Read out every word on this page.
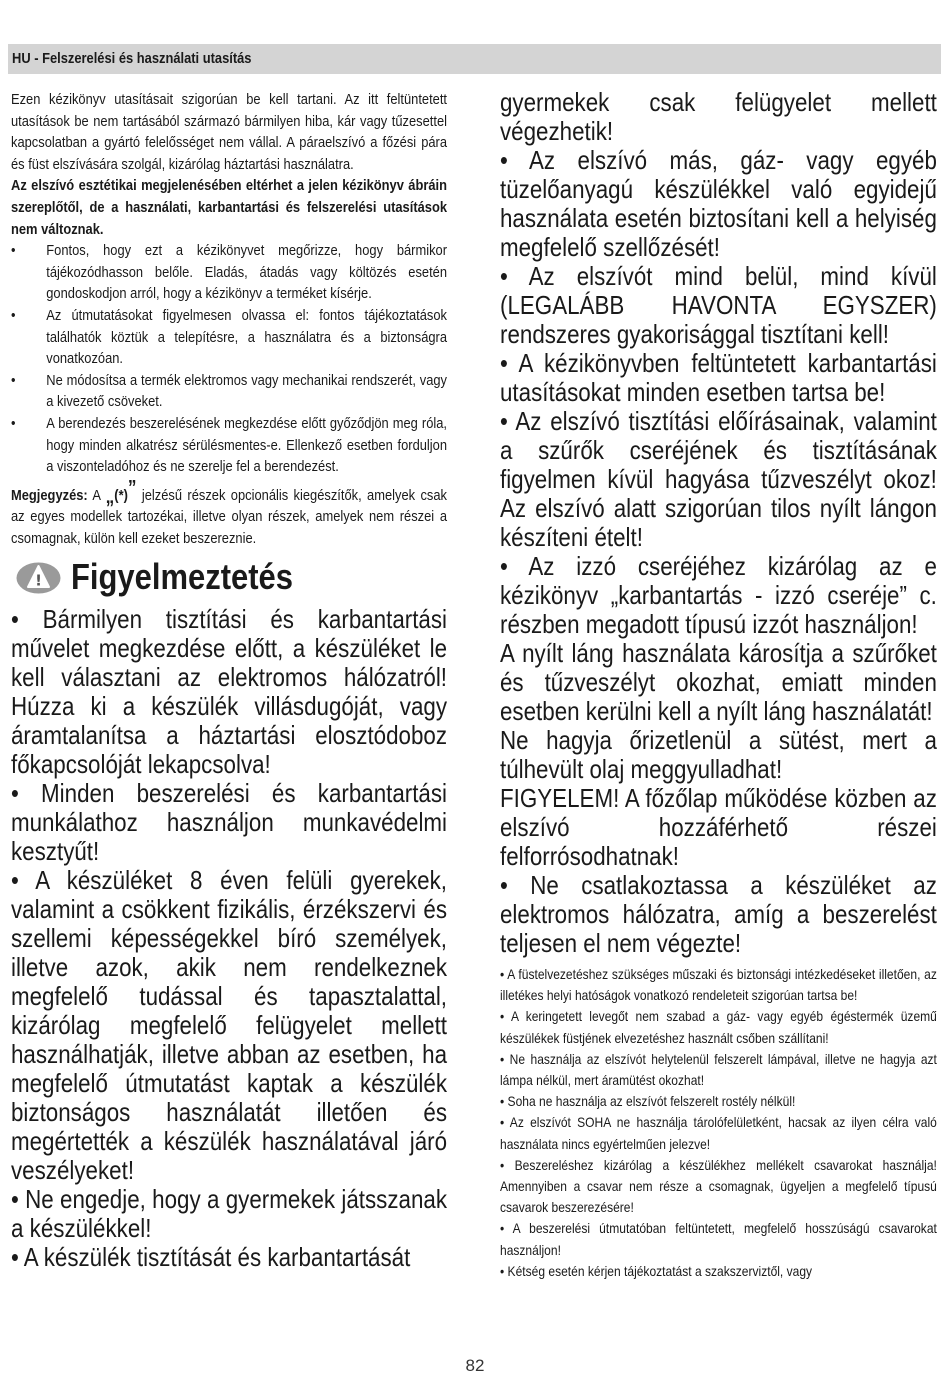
HU - Felszerelési és használati utasítás

Ezen kézikönyv utasításait szigorúan be kell tartani. Az itt feltüntetett utasítások be nem tartásából származó bármilyen hiba, kár vagy tűzesettel kapcsolatban a gyártó felelősséget nem vállal. A páraelszívó a főzési pára és füst elszívására szolgál, kizárólag háztartási használatra.

Az elszívó esztétikai megjelenésében eltérhet a jelen kézikönyv ábráin szereplőtől, de a használati, karbantartási és felszerelési utasítások nem változnak.

• Fontos, hogy ezt a kézikönyvet megőrizze, hogy bármikor tájékozódhasson belőle. Eladás, átadás vagy költözés esetén gondoskodjon arról, hogy a kézikönyv a terméket kísérje.
• Az útmutatásokat figyelmesen olvassa el: fontos tájékoztatások találhatók köztük a telepítésre, a használatra és a biztonságra vonatkozóan.
• Ne módosítsa a termék elektromos vagy mechanikai rendszerét, vagy a kivezető csöveket.
• A berendezés beszerelésének megkezdése előtt győződjön meg róla, hogy minden alkatrész sérülésmentes-e. Ellenkező esetben forduljon a viszonteladóhoz és ne szerelje fel a berendezést.

Megjegyzés: A „(*)” jelzésű részek opcionális kiegészítők, amelyek csak az egyes modellek tartozékai, illetve olyan részek, amelyek nem részei a csomagnak, külön kell ezeket beszereznie.

! Figyelmeztetés

• Bármilyen tisztítási és karbantartási művelet megkezdése előtt, a készüléket le kell választani az elektromos hálózatról! Húzza ki a készülék villásdugóját, vagy áramtalanítsa a háztartási elosztódoboz főkapcsolóját lekapcsolva!

• Minden beszerelési és karbantartási munkálathoz használjon munkavédelmi kesztyűt!

• A készüléket 8 éven felüli gyerekek, valamint a csökkent fizikális, érzékszervi és szellemi képességekkel bíró személyek, illetve azok, akik nem rendelkeznek megfelelő tudással és tapasztalattal, kizárólag megfelelő felügyelet mellett használhatják, illetve abban az esetben, ha megfelelő útmutatást kaptak a készülék biztonságos használatát illetően és megértették a készülék használatával járó veszélyeket!

• Ne engedje, hogy a gyermekek játsszanak a készülékkel!

• A készülék tisztítását és karbantartását

gyermekek csak felügyelet mellett végezhetik!

• Az elszívó más, gáz- vagy egyéb tüzelőanyagú készülékkel való egyidejű használata esetén biztosítani kell a helyiség megfelelő szellőzését!

• Az elszívót mind belül, mind kívül (LEGALÁBB HAVONTA EGYSZER) rendszeres gyakorisággal tisztítani kell!

• A kézikönyvben feltüntetett karbantartási utasításokat minden esetben tartsa be!

• Az elszívó tisztítási előírásainak, valamint a szűrők cseréjének és tisztításának figyelmen kívül hagyása tűzveszélyt okoz! Az elszívó alatt szigorúan tilos nyílt lángon készíteni ételt!

• Az izzó cseréjéhez kizárólag az e kézikönyv „karbantartás - izzó cseréje” c. részben megadott típusú izzót használjon!

A nyílt láng használata károsítja a szűrőket és tűzveszélyt okozhat, emiatt minden esetben kerülni kell a nyílt láng használatát!

Ne hagyja őrizetlenül a sütést, mert a túlhevült olaj meggyulladhat!

FIGYELEM! A főzőlap működése közben az elszívó hozzáférhető részei felforrósodhatnak!

• Ne csatlakoztassa a készüléket az elektromos hálózatra, amíg a beszerelést teljesen el nem végezte!

• A füstelvezetéshez szükséges műszaki és biztonsági intézkedéseket illetően, az illetékes helyi hatóságok vonatkozó rendeleteit szigorúan tartsa be!

• A keringetett levegőt nem szabad a gáz- vagy egyéb égéstermék üzemű készülékek füstjének elvezetéshez használt csőben szállítani!

• Ne használja az elszívót helytelenül felszerelt lámpával, illetve ne hagyja azt lámpa nélkül, mert áramütést okozhat!

• Soha ne használja az elszívót felszerelt rostély nélkül!

• Az elszívót SOHA ne használja tárolófelületként, hacsak az ilyen célra való használata nincs egyértelműen jelezve!

• Beszereléshez kizárólag a készülékhez mellékelt csavarokat használja! Amennyiben a csavar nem része a csomagnak, ügyeljen a megfelelő típusú csavarok beszerezésére!

• A beszerelési útmutatóban feltüntetett, megfelelő hosszúságú csavarokat használjon!

• Kétség esetén kérjen tájékoztatást a szakszerviztől, vagy

82
